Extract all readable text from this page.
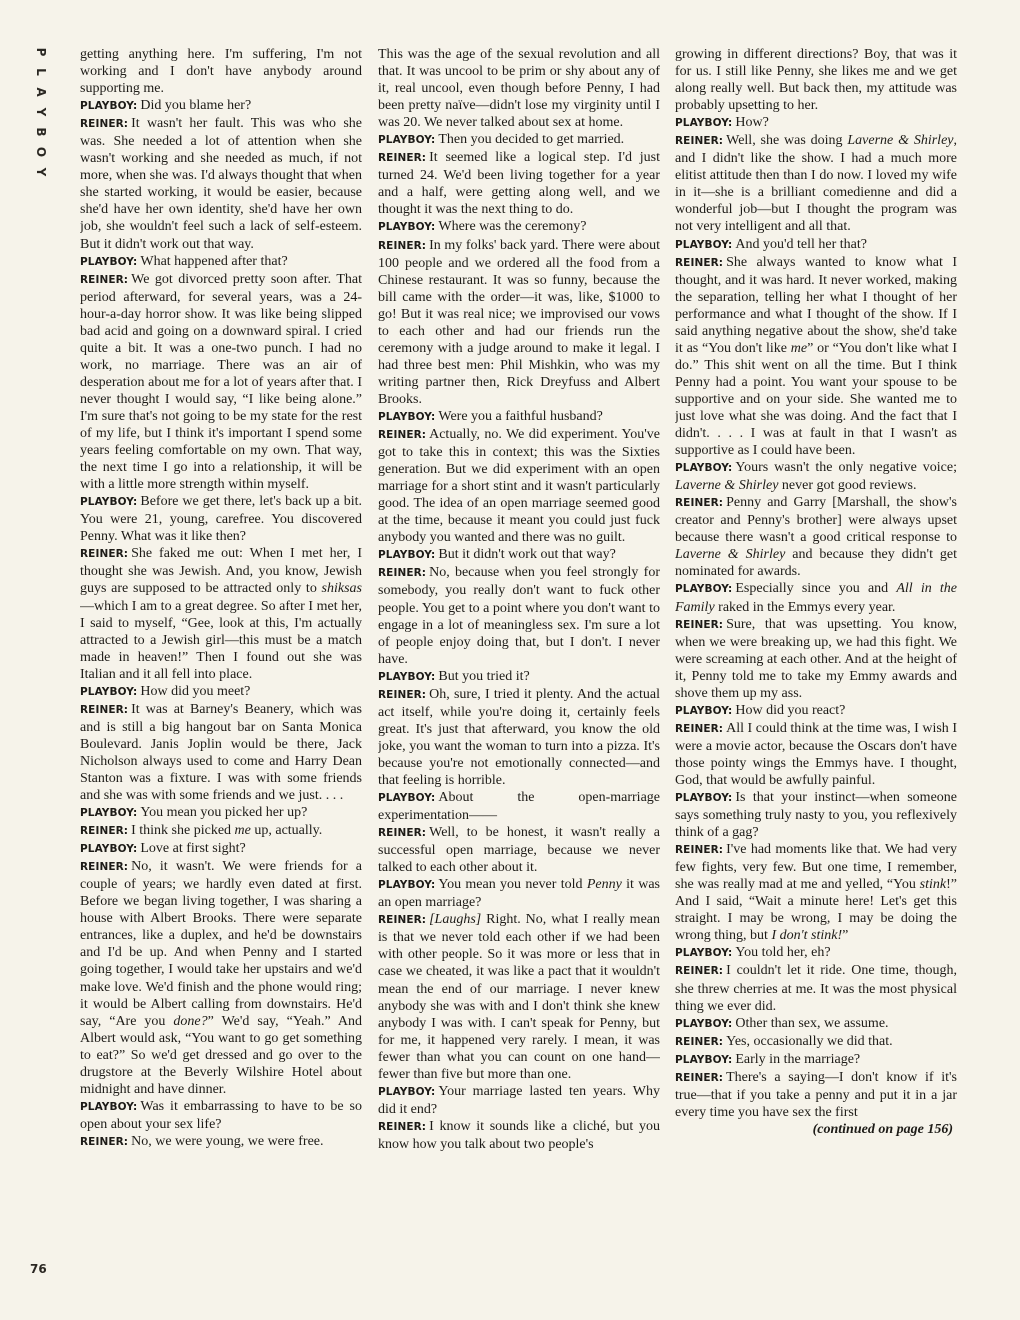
P
L
A
Y
B
O
Y

getting anything here. I'm suffering, I'm not working and I don't have anybody around supporting me.

PLAYBOY: Did you blame her?

REINER: It wasn't her fault. This was who she was. She needed a lot of attention when she wasn't working and she needed as much, if not more, when she was. I'd always thought that when she started working, it would be easier, because she'd have her own identity, she'd have her own job, she wouldn't feel such a lack of self-esteem. But it didn't work out that way.

PLAYBOY: What happened after that?

REINER: We got divorced pretty soon after. That period afterward, for several years, was a 24-hour-a-day horror show. It was like being slipped bad acid and going on a downward spiral. I cried quite a bit. It was a one-two punch. I had no work, no marriage. There was an air of desperation about me for a lot of years after that. I never thought I would say, “I like being alone.” I'm sure that's not going to be my state for the rest of my life, but I think it's important I spend some years feeling comfortable on my own. That way, the next time I go into a relationship, it will be with a little more strength within myself.

PLAYBOY: Before we get there, let's back up a bit. You were 21, young, carefree. You discovered Penny. What was it like then?

REINER: She faked me out: When I met her, I thought she was Jewish. And, you know, Jewish guys are supposed to be attracted only to shiksas—which I am to a great degree. So after I met her, I said to myself, “Gee, look at this, I'm actually attracted to a Jewish girl—this must be a match made in heaven!” Then I found out she was Italian and it all fell into place.

PLAYBOY: How did you meet?

REINER: It was at Barney's Beanery, which was and is still a big hangout bar on Santa Monica Boulevard. Janis Joplin would be there, Jack Nicholson always used to come and Harry Dean Stanton was a fixture. I was with some friends and she was with some friends and we just. . . .

PLAYBOY: You mean you picked her up?

REINER: I think she picked me up, actually.

PLAYBOY: Love at first sight?

REINER: No, it wasn't. We were friends for a couple of years; we hardly even dated at first. Before we began living together, I was sharing a house with Albert Brooks. There were separate entrances, like a duplex, and he'd be downstairs and I'd be up. And when Penny and I started going together, I would take her upstairs and we'd make love. We'd finish and the phone would ring; it would be Albert calling from downstairs. He'd say, “Are you done?” We'd say, “Yeah.” And Albert would ask, “You want to go get something to eat?” So we'd get dressed and go over to the drugstore at the Beverly Wilshire Hotel about midnight and have dinner.

PLAYBOY: Was it embarrassing to have to be so open about your sex life?

REINER: No, we were young, we were free.

This was the age of the sexual revolution and all that. It was uncool to be prim or shy about any of it, real uncool, even though before Penny, I had been pretty naïve—didn't lose my virginity until I was 20. We never talked about sex at home.

PLAYBOY: Then you decided to get married.

REINER: It seemed like a logical step. I'd just turned 24. We'd been living together for a year and a half, were getting along well, and we thought it was the next thing to do.

PLAYBOY: Where was the ceremony?

REINER: In my folks' back yard. There were about 100 people and we ordered all the food from a Chinese restaurant. It was so funny, because the bill came with the order—it was, like, $1000 to go! But it was real nice; we improvised our vows to each other and had our friends run the ceremony with a judge around to make it legal. I had three best men: Phil Mishkin, who was my writing partner then, Rick Dreyfuss and Albert Brooks.

PLAYBOY: Were you a faithful husband?

REINER: Actually, no. We did experiment. You've got to take this in context; this was the Sixties generation. But we did experiment with an open marriage for a short stint and it wasn't particularly good. The idea of an open marriage seemed good at the time, because it meant you could just fuck anybody you wanted and there was no guilt.

PLAYBOY: But it didn't work out that way?

REINER: No, because when you feel strongly for somebody, you really don't want to fuck other people. You get to a point where you don't want to engage in a lot of meaningless sex. I'm sure a lot of people enjoy doing that, but I don't. I never have.

PLAYBOY: But you tried it?

REINER: Oh, sure, I tried it plenty. And the actual act itself, while you're doing it, certainly feels great. It's just that afterward, you know the old joke, you want the woman to turn into a pizza. It's because you're not emotionally connected—and that feeling is horrible.

PLAYBOY: About the open-marriage experimentation——

REINER: Well, to be honest, it wasn't really a successful open marriage, because we never talked to each other about it.

PLAYBOY: You mean you never told Penny it was an open marriage?

REINER: [Laughs] Right. No, what I really mean is that we never told each other if we had been with other people. So it was more or less that in case we cheated, it was like a pact that it wouldn't mean the end of our marriage. I never knew anybody she was with and I don't think she knew anybody I was with. I can't speak for Penny, but for me, it happened very rarely. I mean, it was fewer than what you can count on one hand—fewer than five but more than one.

PLAYBOY: Your marriage lasted ten years. Why did it end?

REINER: I know it sounds like a cliché, but you know how you talk about two people's

growing in different directions? Boy, that was it for us. I still like Penny, she likes me and we get along really well. But back then, my attitude was probably upsetting to her.

PLAYBOY: How?

REINER: Well, she was doing Laverne & Shirley, and I didn't like the show. I had a much more elitist attitude then than I do now. I loved my wife in it—she is a brilliant comedienne and did a wonderful job—but I thought the program was not very intelligent and all that.

PLAYBOY: And you'd tell her that?

REINER: She always wanted to know what I thought, and it was hard. It never worked, making the separation, telling her what I thought of her performance and what I thought of the show. If I said anything negative about the show, she'd take it as “You don't like me” or “You don't like what I do.” This shit went on all the time. But I think Penny had a point. You want your spouse to be supportive and on your side. She wanted me to just love what she was doing. And the fact that I didn't. . . . I was at fault in that I wasn't as supportive as I could have been.

PLAYBOY: Yours wasn't the only negative voice; Laverne & Shirley never got good reviews.

REINER: Penny and Garry [Marshall, the show's creator and Penny's brother] were always upset because there wasn't a good critical response to Laverne & Shirley and because they didn't get nominated for awards.

PLAYBOY: Especially since you and All in the Family raked in the Emmys every year.

REINER: Sure, that was upsetting. You know, when we were breaking up, we had this fight. We were screaming at each other. And at the height of it, Penny told me to take my Emmy awards and shove them up my ass.

PLAYBOY: How did you react?

REINER: All I could think at the time was, I wish I were a movie actor, because the Oscars don't have those pointy wings the Emmys have. I thought, God, that would be awfully painful.

PLAYBOY: Is that your instinct—when someone says something truly nasty to you, you reflexively think of a gag?

REINER: I've had moments like that. We had very few fights, very few. But one time, I remember, she was really mad at me and yelled, “You stink!” And I said, “Wait a minute here! Let's get this straight. I may be wrong, I may be doing the wrong thing, but I don't stink!”

PLAYBOY: You told her, eh?

REINER: I couldn't let it ride. One time, though, she threw cherries at me. It was the most physical thing we ever did.

PLAYBOY: Other than sex, we assume.

REINER: Yes, occasionally we did that.

PLAYBOY: Early in the marriage?

REINER: There's a saying—I don't know if it's true—that if you take a penny and put it in a jar every time you have sex the first

(continued on page 156)

76
